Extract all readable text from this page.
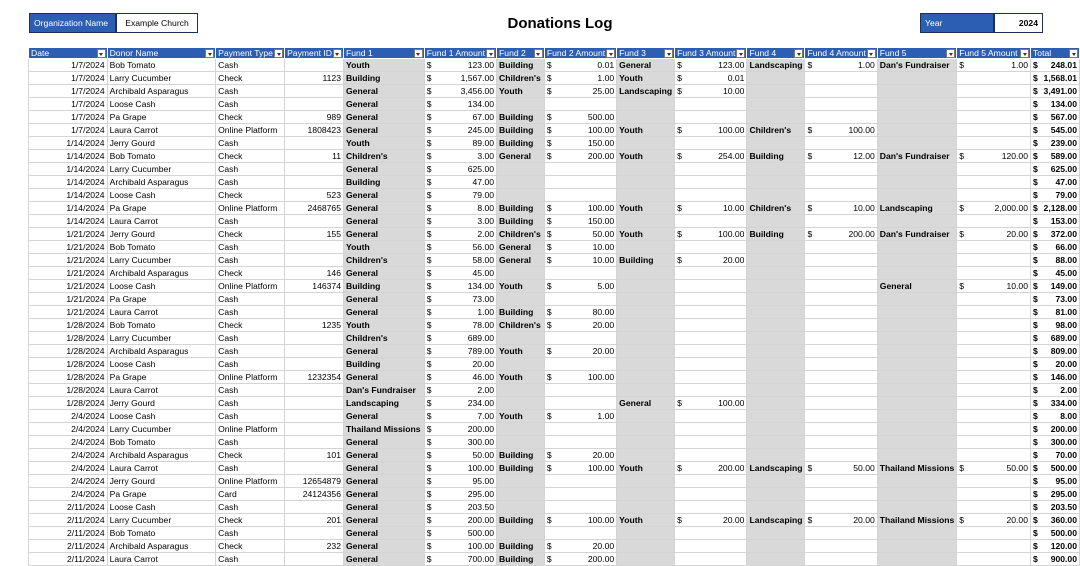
Organization Name	Example Church	Donations Log	Year	2024
Date	Donor Name	Payment Type	Payment ID	Fund 1	Fund 1 Amount	Fund 2	Fund 2 Amount	Fund 3	Fund 3 Amount	Fund 4	Fund 4 Amount	Fund 5	Fund 5 Amount	Total

1/7/2024	Bob Tomato	Cash		Youth	$ 123.00	Building	$ 0.01	General	$ 123.00	Landscaping	$ 1.00	Dan's Fundraiser	$ 1.00	$ 248.01

1/7/2024	Larry Cucumber	Check	1123	Building	$ 1,567.00	Children's	$ 1.00	Youth	$ 0.01					$ 1,568.01

1/7/2024	Archibald Asparagus	Cash		General	$ 3,456.00	Youth	$ 25.00	Landscaping	$ 10.00					$ 3,491.00

1/7/2024	Loose Cash	Cash		General	$ 134.00									$ 134.00

1/7/2024	Pa Grape	Check	989	General	$ 67.00	Building	$ 500.00							$ 567.00

1/7/2024	Laura Carrot	Online Platform	1808423	General	$ 245.00	Building	$ 100.00	Youth	$ 100.00	Children's	$ 100.00			$ 545.00

1/14/2024	Jerry Gourd	Cash		Youth	$ 89.00	Building	$ 150.00							$ 239.00

1/14/2024	Bob Tomato	Check	11	Children's	$ 3.00	General	$ 200.00	Youth	$ 254.00	Building	$ 12.00	Dan's Fundraiser	$ 120.00	$ 589.00

1/14/2024	Larry Cucumber	Cash		General	$ 625.00									$ 625.00

1/14/2024	Archibald Asparagus	Cash		Building	$ 47.00									$ 47.00

1/14/2024	Loose Cash	Check	523	General	$ 79.00									$ 79.00

1/14/2024	Pa Grape	Online Platform	2468765	General	$ 8.00	Building	$ 100.00	Youth	$ 10.00	Children's	$ 10.00	Landscaping	$ 2,000.00	$ 2,128.00

1/14/2024	Laura Carrot	Cash		General	$ 3.00	Building	$ 150.00							$ 153.00

1/21/2024	Jerry Gourd	Check	155	General	$ 2.00	Children's	$ 50.00	Youth	$ 100.00	Building	$ 200.00	Dan's Fundraiser	$ 20.00	$ 372.00

1/21/2024	Bob Tomato	Cash		Youth	$ 56.00	General	$ 10.00							$ 66.00

1/21/2024	Larry Cucumber	Cash		Children's	$ 58.00	General	$ 10.00	Building	$ 20.00					$ 88.00

1/21/2024	Archibald Asparagus	Check	146	General	$ 45.00									$ 45.00

1/21/2024	Loose Cash	Online Platform	146374	Building	$ 134.00	Youth	$ 5.00					General	$ 10.00	$ 149.00

1/21/2024	Pa Grape	Cash		General	$ 73.00									$ 73.00

1/21/2024	Laura Carrot	Cash		General	$ 1.00	Building	$ 80.00							$ 81.00

1/28/2024	Bob Tomato	Check	1235	Youth	$ 78.00	Children's	$ 20.00							$ 98.00

1/28/2024	Larry Cucumber	Cash		Children's	$ 689.00									$ 689.00

1/28/2024	Archibald Asparagus	Cash		General	$ 789.00	Youth	$ 20.00							$ 809.00

1/28/2024	Loose Cash	Cash		Building	$ 20.00									$ 20.00

1/28/2024	Pa Grape	Online Platform	1232354	General	$ 46.00	Youth	$ 100.00							$ 146.00

1/28/2024	Laura Carrot	Cash		Dan's Fundraiser	$ 2.00									$ 2.00

1/28/2024	Jerry Gourd	Cash		Landscaping	$ 234.00			General	$ 100.00					$ 334.00

2/4/2024	Loose Cash	Cash		General	$ 7.00	Youth	$ 1.00							$ 8.00

2/4/2024	Larry Cucumber	Online Platform		Thailand Missions	$ 200.00									$ 200.00

2/4/2024	Bob Tomato	Cash		General	$ 300.00									$ 300.00

2/4/2024	Archibald Asparagus	Check	101	General	$ 50.00	Building	$ 20.00							$ 70.00

2/4/2024	Laura Carrot	Cash		General	$ 100.00	Building	$ 100.00	Youth	$ 200.00	Landscaping	$ 50.00	Thailand Missions	$ 50.00	$ 500.00

2/4/2024	Jerry Gourd	Online Platform	12654879	General	$ 95.00									$ 95.00

2/4/2024	Pa Grape	Card	24124356	General	$ 295.00									$ 295.00

2/11/2024	Loose Cash	Cash		General	$ 203.50									$ 203.50

2/11/2024	Larry Cucumber	Check	201	General	$ 200.00	Building	$ 100.00	Youth	$ 20.00	Landscaping	$ 20.00	Thailand Missions	$ 20.00	$ 360.00

2/11/2024	Bob Tomato	Cash		General	$ 500.00									$ 500.00

2/11/2024	Archibald Asparagus	Check	232	General	$ 100.00	Building	$ 20.00							$ 120.00

2/11/2024	Laura Carrot	Cash		General	$ 700.00	Building	$ 200.00							$ 900.00
